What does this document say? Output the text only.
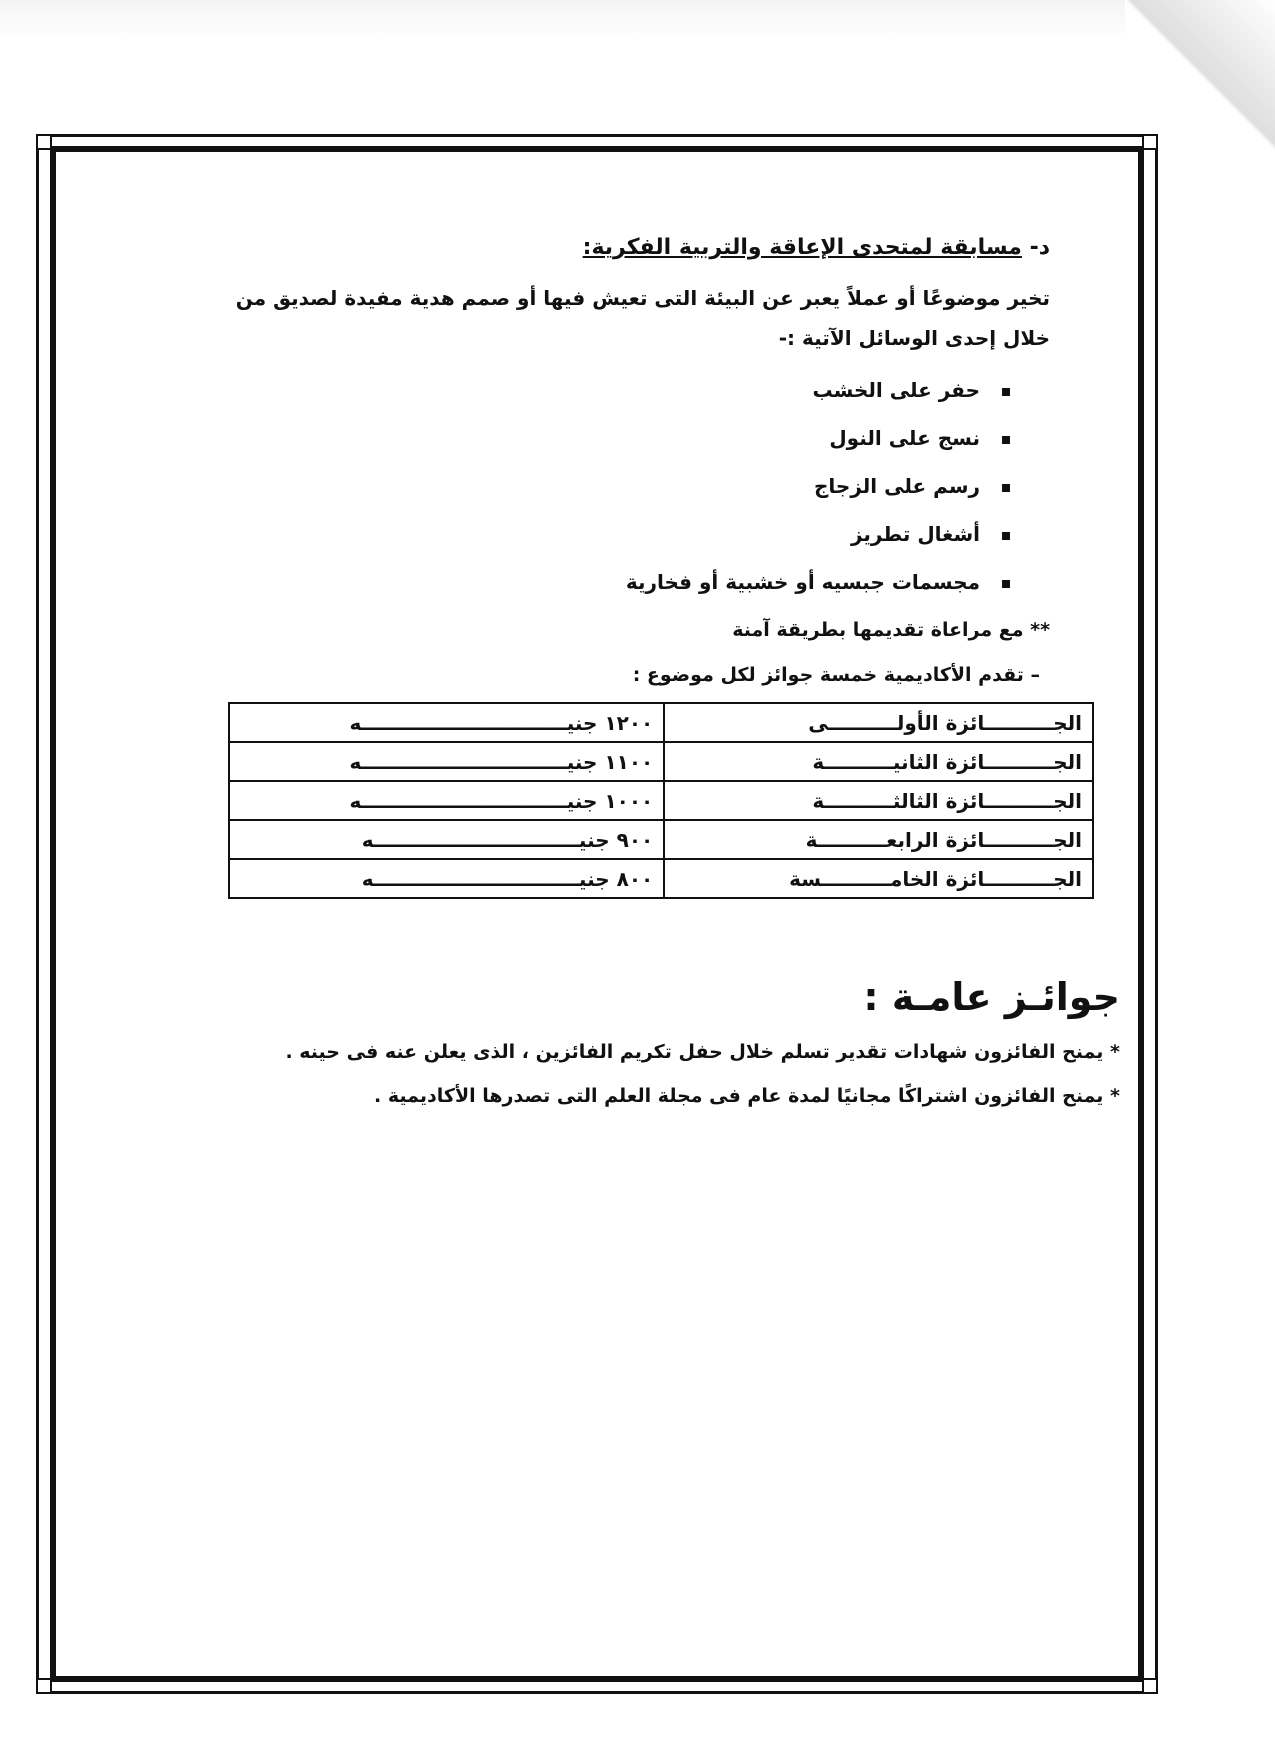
د- مسابقة لمتحدى الإعاقة والتربية الفكرية:

تخير موضوعًا أو عملاً يعبر عن البيئة التى تعيش فيها أو صمم هدية مفيدة لصديق من

خلال إحدى الوسائل الآتية :-

حفر على الخشب
نسج على النول
رسم على الزجاج
أشغال تطريز
مجسمات جبسيه أو خشبية أو فخارية

** مع مراعاة تقديمها بطريقة آمنة

– تقدم الأكاديمية خمسة جوائز لكل موضوع :

الجــــــــــائزة الأولــــــــــى	١٢٠٠ جنيــــــــــــــــــــــــــــــه
الجــــــــــائزة الثانيــــــــــة	١١٠٠ جنيــــــــــــــــــــــــــــــه
الجــــــــــائزة الثالثــــــــــة	١٠٠٠ جنيــــــــــــــــــــــــــــــه
الجــــــــــائزة الرابعــــــــــة	٩٠٠ جنيــــــــــــــــــــــــــــــه
الجــــــــــائزة الخامــــــــــسة	٨٠٠ جنيــــــــــــــــــــــــــــــه
جوائـز عامـة :

* يمنح الفائزون شهادات تقدير تسلم خلال حفل تكريم الفائزين ، الذى يعلن عنه فى حينه .

* يمنح الفائزون اشتراكًا مجانيًا لمدة عام فى مجلة العلم التى تصدرها الأكاديمية .
